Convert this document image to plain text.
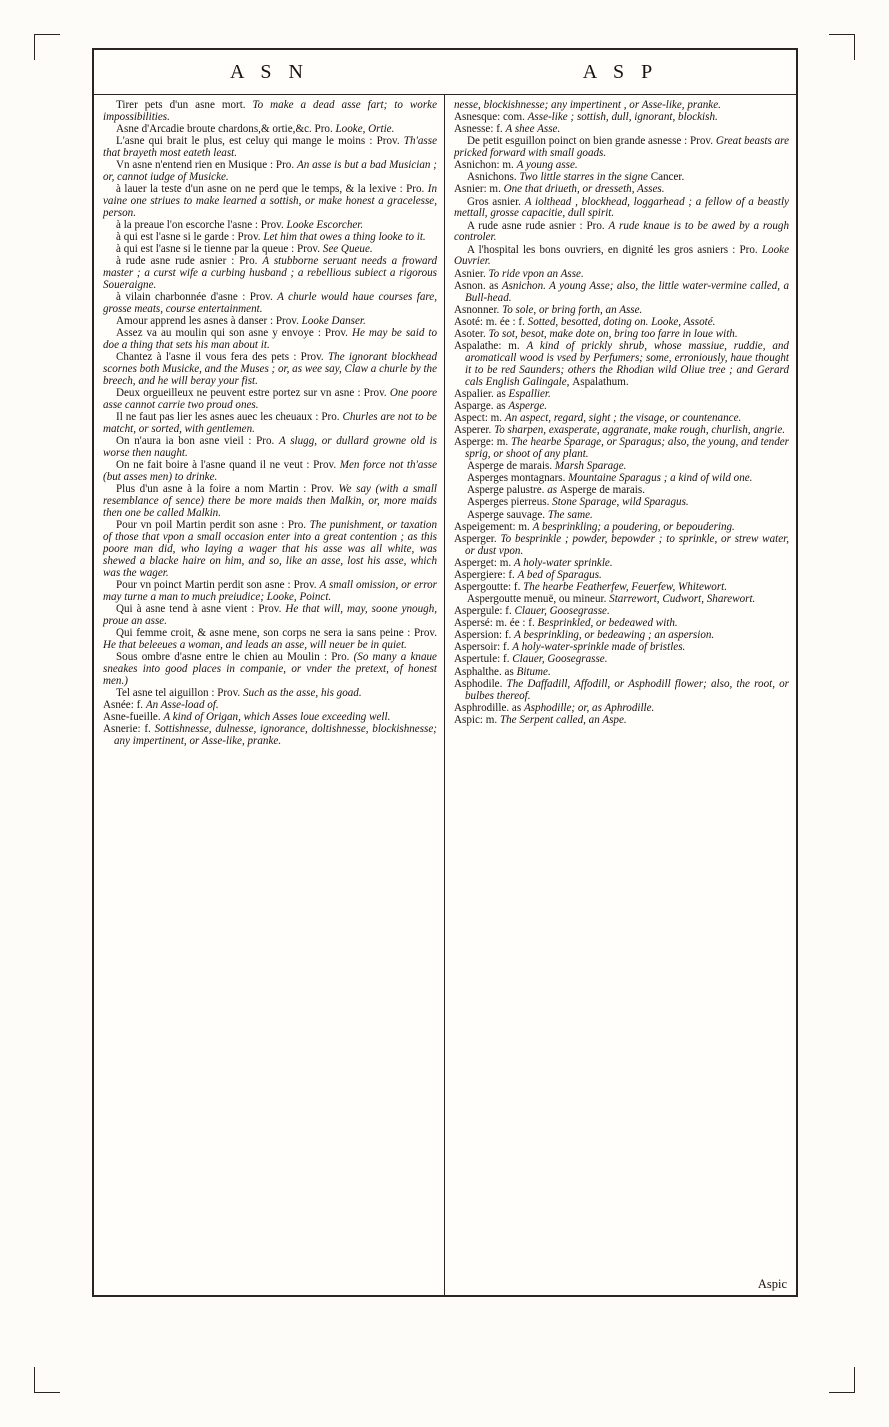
A S N	A S P

Tirer pets d'un asne mort. To make a dead asse fart; to worke impossibilities.

Asne d'Arcadie broute chardons,& ortie,&c. Pro. Looke, Ortie.

L'asne qui brait le plus, est celuy qui mange le moins : Prov. Th'asse that brayeth most eateth least.

Vn asne n'entend rien en Musique : Pro. An asse is but a bad Musician ; or, cannot iudge of Musicke.

à lauer la teste d'un asne on ne perd que le temps, & la lexive : Pro. In vaine one striues to make learned a sottish, or make honest a gracelesse, person.

à la preaue l'on escorche l'asne : Prov. Looke Escorcher.

à qui est l'asne si le garde : Prov. Let him that owes a thing looke to it.

à qui est l'asne si le tienne par la queue : Prov. See Queue.

à rude asne rude asnier : Pro. A stubborne seruant needs a froward master ; a curst wife a curbing husband ; a rebellious subiect a rigorous Soueraigne.

à vilain charbonnée d'asne : Prov. A churle would haue courses fare, grosse meats, course entertainment.

Amour apprend les asnes à danser : Prov. Looke Danser.

Assez va au moulin qui son asne y envoye : Prov. He may be said to doe a thing that sets his man about it.

Chantez à l'asne il vous fera des pets : Prov. The ignorant blockhead scornes both Musicke, and the Muses ; or, as wee say, Claw a churle by the breech, and he will beray your fist.

Deux orgueilleux ne peuvent estre portez sur vn asne : Prov. One poore asse cannot carrie two proud ones.

Il ne faut pas lier les asnes auec les cheuaux : Pro. Churles are not to be matcht, or sorted, with gentlemen.

On n'aura ia bon asne vieil : Pro. A slugg, or dullard growne old is worse then naught.

On ne fait boire à l'asne quand il ne veut : Prov. Men force not th'asse (but asses men) to drinke.

Plus d'un asne à la foire a nom Martin : Prov. We say (with a small resemblance of sence) there be more maids then Malkin, or, more maids then one be called Malkin.

Pour vn poil Martin perdit son asne : Pro. The punishment, or taxation of those that vpon a small occasion enter into a great contention ; as this poore man did, who laying a wager that his asse was all white, was shewed a blacke haire on him, and so, like an asse, lost his asse, which was the wager.

Pour vn poinct Martin perdit son asne : Prov. A small omission, or error may turne a man to much preiudice; Looke, Poinct.

Qui à asne tend à asne vient : Prov. He that will, may, soone ynough, proue an asse.

Qui femme croit, & asne mene, son corps ne sera ia sans peine : Prov. He that beleeues a woman, and leads an asse, will neuer be in quiet.

Sous ombre d'asne entre le chien au Moulin : Pro. (So many a knaue sneakes into good places in companie, or vnder the pretext, of honest men.)

Tel asne tel aiguillon : Prov. Such as the asse, his goad.

Asnée: f. An Asse-load of.

Asne-fueille. A kind of Origan, which Asses loue exceeding well.

Asnerie: f. Sottishnesse, dulnesse, ignorance, doltishnesse, blockishnesse; any impertinent, or Asse-like, pranke.

nesse, blockishnesse; any impertinent , or Asse-like, pranke.

Asnesque: com. Asse-like ; sottish, dull, ignorant, blockish.

Asnesse: f. A shee Asse.

De petit esguillon poinct on bien grande asnesse : Prov. Great beasts are pricked forward with small goads.

Asnichon: m. A young asse.

Asnichons. Two little starres in the signe Cancer.

Asnier: m. One that driueth, or dresseth, Asses.

Gros asnier. A iolthead , blockhead, loggarhead ; a fellow of a beastly mettall, grosse capacitie, dull spirit.

A rude asne rude asnier : Pro. A rude knaue is to be awed by a rough controler.

A l'hospital les bons ouvriers, en dignité les gros asniers : Pro. Looke Ouvrier.

Asnier. To ride vpon an Asse.

Asnon. as Asnichon. A young Asse; also, the little water-vermine called, a Bull-head.

Asnonner. To sole, or bring forth, an Asse.

Asoté: m. ée : f. Sotted, besotted, doting on. Looke, Assoté.

Asoter. To sot, besot, make dote on, bring too farre in loue with.

Aspalathe: m. A kind of prickly shrub, whose massiue, ruddie, and aromaticall wood is vsed by Perfumers; some, erroniously, haue thought it to be red Saunders; others the Rhodian wild Oliue tree ; and Gerard cals English Galingale, Aspalathum.

Aspalier. as Espallier.

Asparge. as Asperge.

Aspect: m. An aspect, regard, sight ; the visage, or countenance.

Asperer. To sharpen, exasperate, aggranate, make rough, churlish, angrie.

Asperge: m. The hearbe Sparage, or Sparagus; also, the young, and tender sprig, or shoot of any plant.

Asperge de marais. Marsh Sparage.

Asperges montagnars. Mountaine Sparagus ; a kind of wild one.

Asperge palustre. as Asperge de marais.

Asperges pierreus. Stone Sparage, wild Sparagus.

Asperge sauvage. The same.

Aspeigement: m. A besprinkling; a poudering, or bepoudering.

Asperger. To besprinkle ; powder, bepowder ; to sprinkle, or strew water, or dust vpon.

Asperget: m. A holy-water sprinkle.

Aspergiere: f. A bed of Sparagus.

Aspergoutte: f. The hearbe Featherfew, Feuerfew, Whitewort.

Aspergoutte menuë, ou mineur. Starrewort, Cudwort, Sharewort.

Aspergule: f. Clauer, Goosegrasse.

Aspersé: m. ée : f. Besprinkled, or bedeawed with.

Aspersion: f. A besprinkling, or bedeawing ; an aspersion.

Aspersoir: f. A holy-water-sprinkle made of bristles.

Aspertule: f. Clauer, Goosegrasse.

Asphalthe. as Bitume.

Asphodile. The Daffadill, Affodill, or Asphodill flower; also, the root, or bulbes thereof.

Asphrodille. as Asphodille; or, as Aphrodille.

Aspic: m. The Serpent called, an Aspe.

Aspic
